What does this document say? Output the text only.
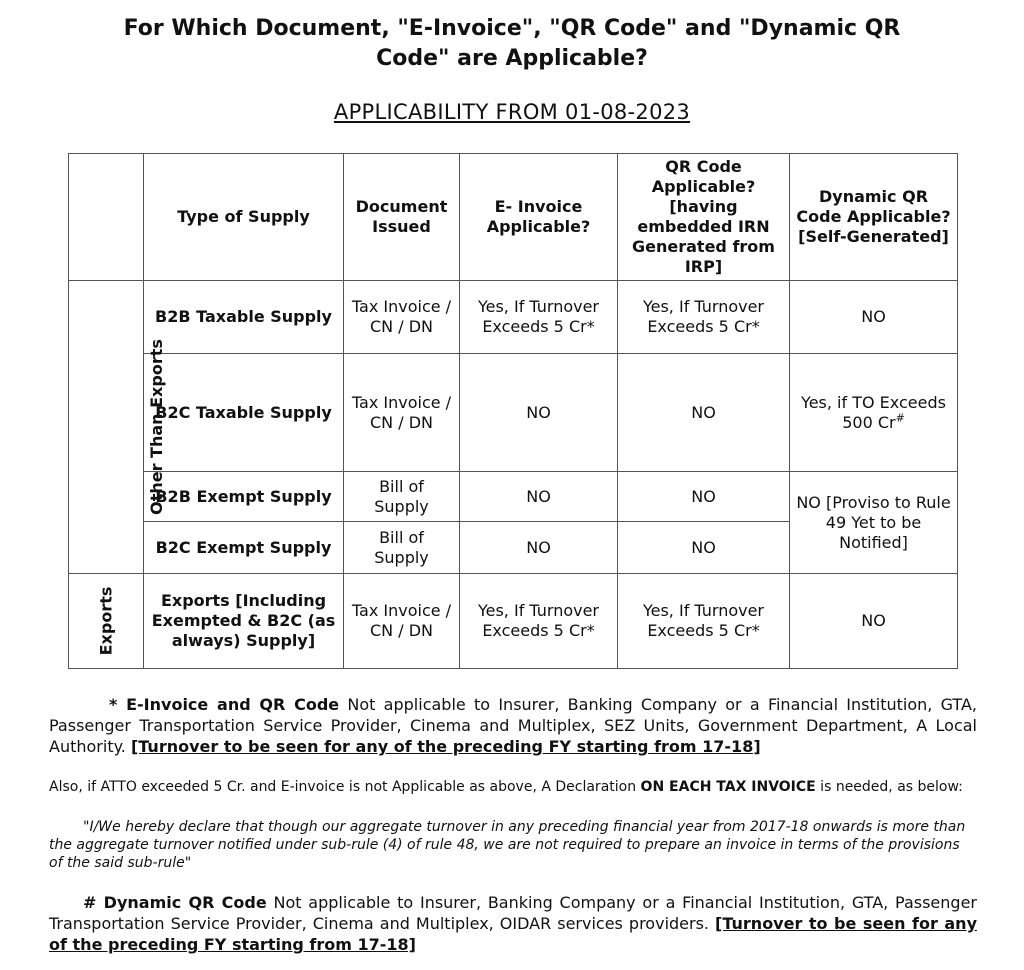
For Which Document, "E-Invoice", "QR Code" and "Dynamic QR
Code" are Applicable?
APPLICABILITY FROM 01-08-2023
	Type of Supply	Document Issued	E- Invoice Applicable?	QR Code Applicable? [having embedded IRN Generated from IRP]	Dynamic QR Code Applicable? [Self-Generated]
Other Than Exports	B2B Taxable Supply	Tax Invoice / CN / DN	Yes, If Turnover Exceeds 5 Cr*	Yes, If Turnover Exceeds 5 Cr*	NO
	B2C Taxable Supply	Tax Invoice / CN / DN	NO	NO	Yes, if TO Exceeds 500 Cr#
	B2B Exempt Supply	Bill of Supply	NO	NO	NO [Proviso to Rule 49 Yet to be Notified]
	B2C Exempt Supply	Bill of Supply	NO	NO	
Exports	Exports [Including Exempted & B2C (as always) Supply]	Tax Invoice / CN / DN	Yes, If Turnover Exceeds 5 Cr*	Yes, If Turnover Exceeds 5 Cr*	NO
* E-Invoice and QR Code Not applicable to Insurer, Banking Company or a Financial Institution, GTA, Passenger Transportation Service Provider, Cinema and Multiplex, SEZ Units, Government Department, A Local Authority. [Turnover to be seen for any of the preceding FY starting from 17-18]
Also, if ATTO exceeded 5 Cr. and E-invoice is not Applicable as above, A Declaration ON EACH TAX INVOICE is needed, as below:
"I/We hereby declare that though our aggregate turnover in any preceding financial year from 2017-18 onwards is more than the aggregate turnover notified under sub-rule (4) of rule 48, we are not required to prepare an invoice in terms of the provisions of the said sub-rule"
# Dynamic QR Code Not applicable to Insurer, Banking Company or a Financial Institution, GTA, Passenger Transportation Service Provider, Cinema and Multiplex, OIDAR services providers. [Turnover to be seen for any of the preceding FY starting from 17-18]
